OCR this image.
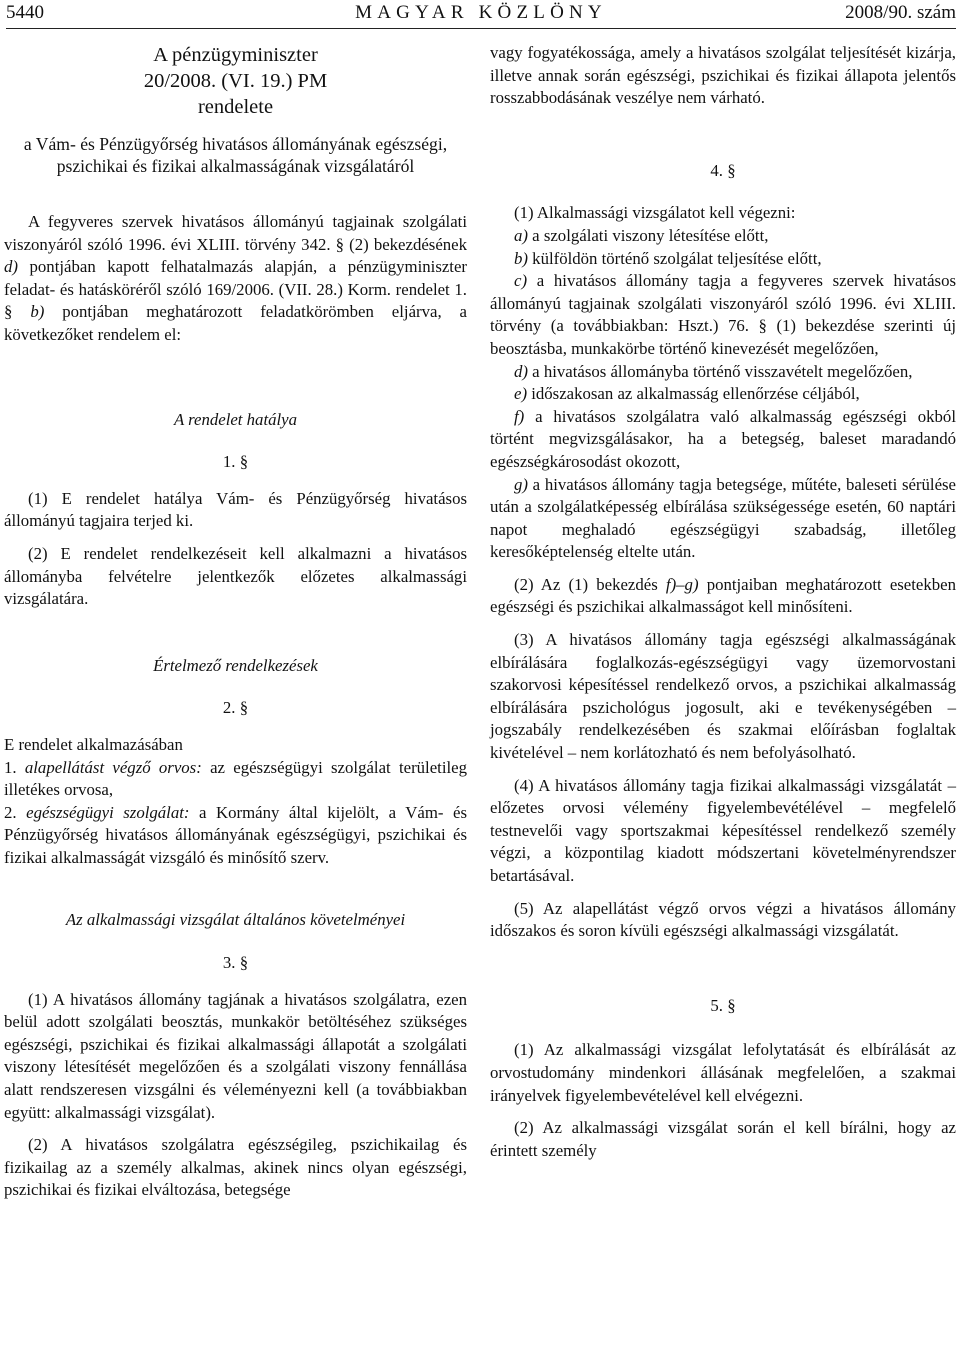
5440	MAGYAR KÖZLÖNY	2008/90. szám
A pénzügyminiszter
20/2008. (VI. 19.) PM
rendelete
a Vám- és Pénzügyőrség hivatásos állományának egészségi, pszichikai és fizikai alkalmasságának vizsgálatáról

A fegyveres szervek hivatásos állományú tagjainak szolgálati viszonyáról szóló 1996. évi XLIII. törvény 342. § (2) bekezdésének d) pontjában kapott felhatalmazás alapján, a pénzügyminiszter feladat- és hatásköréről szóló 169/2006. (VII. 28.) Korm. rendelet 1. § b) pontjában meghatározott feladatkörömben eljárva, a következőket rendelem el:

A rendelet hatálya
1. §

(1) E rendelet hatálya Vám- és Pénzügyőrség hivatásos állományú tagjaira terjed ki.

(2) E rendelet rendelkezéseit kell alkalmazni a hivatásos állományba felvételre jelentkezők előzetes alkalmassági vizsgálatára.

Értelmező rendelkezések
2. §

E rendelet alkalmazásában

1. alapellátást végző orvos: az egészségügyi szolgálat területileg illetékes orvosa,

2. egészségügyi szolgálat: a Kormány által kijelölt, a Vám- és Pénzügyőrség hivatásos állományának egészségügyi, pszichikai és fizikai alkalmasságát vizsgáló és minősítő szerv.

Az alkalmassági vizsgálat általános követelményei
3. §

(1) A hivatásos állomány tagjának a hivatásos szolgálatra, ezen belül adott szolgálati beosztás, munkakör betöltéséhez szükséges egészségi, pszichikai és fizikai alkalmassági állapotát a szolgálati viszony létesítését megelőzően és a szolgálati viszony fennállása alatt rendszeresen vizsgálni és véleményezni kell (a továbbiakban együtt: alkalmassági vizsgálat).

(2) A hivatásos szolgálatra egészségileg, pszichikailag és fizikailag az a személy alkalmas, akinek nincs olyan egészségi, pszichikai és fizikai elváltozása, betegsége

vagy fogyatékossága, amely a hivatásos szolgálat teljesítését kizárja, illetve annak során egészségi, pszichikai és fizikai állapota jelentős rosszabbodásának veszélye nem várható.

4. §

(1) Alkalmassági vizsgálatot kell végezni:

a) a szolgálati viszony létesítése előtt,

b) külföldön történő szolgálat teljesítése előtt,

c) a hivatásos állomány tagja a fegyveres szervek hivatásos állományú tagjainak szolgálati viszonyáról szóló 1996. évi XLIII. törvény (a továbbiakban: Hszt.) 76. § (1) bekezdése szerinti új beosztásba, munkakörbe történő kinevezését megelőzően,

d) a hivatásos állományba történő visszavételt megelőzően,

e) időszakosan az alkalmasság ellenőrzése céljából,

f) a hivatásos szolgálatra való alkalmasság egészségi okból történt megvizsgálásakor, ha a betegség, baleset maradandó egészségkárosodást okozott,

g) a hivatásos állomány tagja betegsége, műtéte, baleseti sérülése után a szolgálatképesség elbírálása szükségessége esetén, 60 naptári napot meghaladó egészségügyi szabadság, illetőleg keresőképtelenség eltelte után.

(2) Az (1) bekezdés f)–g) pontjaiban meghatározott esetekben egészségi és pszichikai alkalmasságot kell minősíteni.

(3) A hivatásos állomány tagja egészségi alkalmasságának elbírálására foglalkozás-egészségügyi vagy üzemorvostani szakorvosi képesítéssel rendelkező orvos, a pszichikai alkalmasság elbírálására pszichológus jogosult, aki e tevékenységében – jogszabály rendelkezésében és szakmai előírásban foglaltak kivételével – nem korlátozható és nem befolyásolható.

(4) A hivatásos állomány tagja fizikai alkalmassági vizsgálatát – előzetes orvosi vélemény figyelembevétélével – megfelelő testnevelői vagy sportszakmai képesítéssel rendelkező személy végzi, a központilag kiadott módszertani követelményrendszer betartásával.

(5) Az alapellátást végző orvos végzi a hivatásos állomány időszakos és soron kívüli egészségi alkalmassági vizsgálatát.

5. §

(1) Az alkalmassági vizsgálat lefolytatását és elbírálását az orvostudomány mindenkori állásának megfelelően, a szakmai irányelvek figyelembevételével kell elvégezni.

(2) Az alkalmassági vizsgálat során el kell bírálni, hogy az érintett személy
